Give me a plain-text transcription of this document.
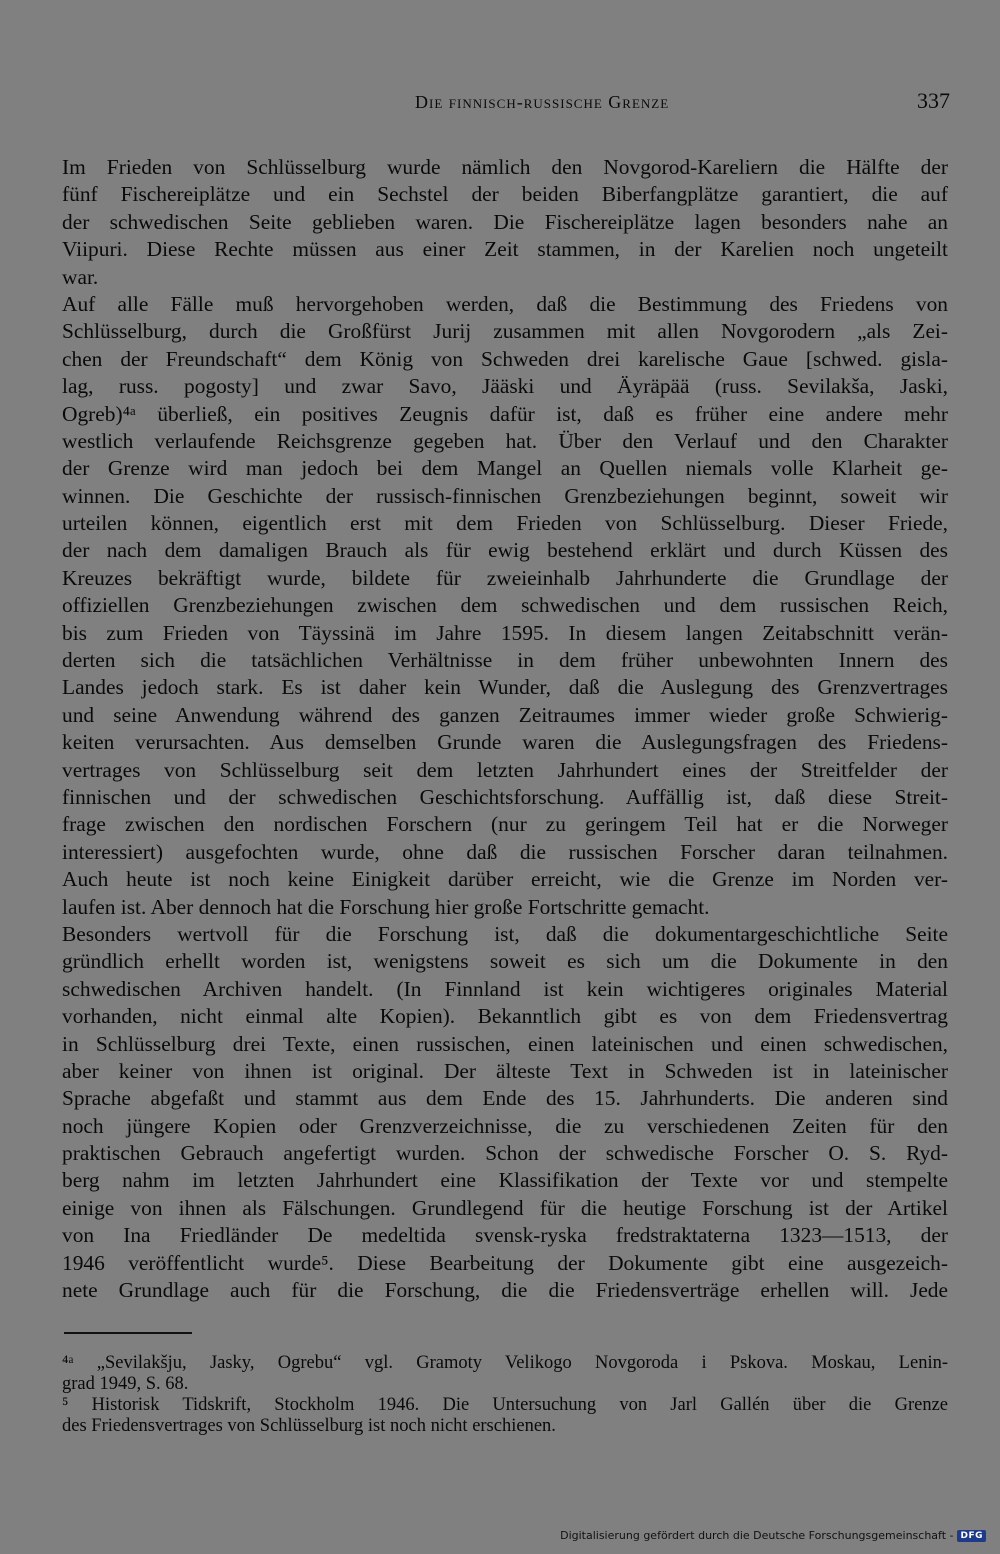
Die finnisch-russische Grenze	337
Im Frieden von Schlüsselburg wurde nämlich den Novgorod-Kareliern die Hälfte der
fünf Fischereiplätze und ein Sechstel der beiden Biberfangplätze garantiert, die auf
der schwedischen Seite geblieben waren. Die Fischereiplätze lagen besonders nahe an
Viipuri. Diese Rechte müssen aus einer Zeit stammen, in der Karelien noch ungeteilt
war.
Auf alle Fälle muß hervorgehoben werden, daß die Bestimmung des Friedens von
Schlüsselburg, durch die Großfürst Jurij zusammen mit allen Novgorodern „als Zei-
chen der Freundschaft“ dem König von Schweden drei karelische Gaue [schwed. gisla-
lag, russ. pogosty] und zwar Savo, Jääski und Äyräpää (russ. Sevilakša, Jaski,
Ogreb)⁴ᵃ überließ, ein positives Zeugnis dafür ist, daß es früher eine andere mehr
westlich verlaufende Reichsgrenze gegeben hat. Über den Verlauf und den Charakter
der Grenze wird man jedoch bei dem Mangel an Quellen niemals volle Klarheit ge-
winnen. Die Geschichte der russisch-finnischen Grenzbeziehungen beginnt, soweit wir
urteilen können, eigentlich erst mit dem Frieden von Schlüsselburg. Dieser Friede,
der nach dem damaligen Brauch als für ewig bestehend erklärt und durch Küssen des
Kreuzes bekräftigt wurde, bildete für zweieinhalb Jahrhunderte die Grundlage der
offiziellen Grenzbeziehungen zwischen dem schwedischen und dem russischen Reich,
bis zum Frieden von Täyssinä im Jahre 1595. In diesem langen Zeitabschnitt verän-
derten sich die tatsächlichen Verhältnisse in dem früher unbewohnten Innern des
Landes jedoch stark. Es ist daher kein Wunder, daß die Auslegung des Grenzvertrages
und seine Anwendung während des ganzen Zeitraumes immer wieder große Schwierig-
keiten verursachten. Aus demselben Grunde waren die Auslegungsfragen des Friedens-
vertrages von Schlüsselburg seit dem letzten Jahrhundert eines der Streitfelder der
finnischen und der schwedischen Geschichtsforschung. Auffällig ist, daß diese Streit-
frage zwischen den nordischen Forschern (nur zu geringem Teil hat er die Norweger
interessiert) ausgefochten wurde, ohne daß die russischen Forscher daran teilnahmen.
Auch heute ist noch keine Einigkeit darüber erreicht, wie die Grenze im Norden ver-
laufen ist. Aber dennoch hat die Forschung hier große Fortschritte gemacht.
Besonders wertvoll für die Forschung ist, daß die dokumentargeschichtliche Seite
gründlich erhellt worden ist, wenigstens soweit es sich um die Dokumente in den
schwedischen Archiven handelt. (In Finnland ist kein wichtigeres originales Material
vorhanden, nicht einmal alte Kopien). Bekanntlich gibt es von dem Friedensvertrag
in Schlüsselburg drei Texte, einen russischen, einen lateinischen und einen schwedischen,
aber keiner von ihnen ist original. Der älteste Text in Schweden ist in lateinischer
Sprache abgefaßt und stammt aus dem Ende des 15. Jahrhunderts. Die anderen sind
noch jüngere Kopien oder Grenzverzeichnisse, die zu verschiedenen Zeiten für den
praktischen Gebrauch angefertigt wurden. Schon der schwedische Forscher O. S. Ryd-
berg nahm im letzten Jahrhundert eine Klassifikation der Texte vor und stempelte
einige von ihnen als Fälschungen. Grundlegend für die heutige Forschung ist der Artikel
von Ina Friedländer De medeltida svensk-ryska fredstraktaterna 1323—1513, der
1946 veröffentlicht wurde⁵. Diese Bearbeitung der Dokumente gibt eine ausgezeich-
nete Grundlage auch für die Forschung, die die Friedensverträge erhellen will. Jede
⁴ᵃ „Sevilakšju, Jasky, Ogrebu“ vgl. Gramoty Velikogo Novgoroda i Pskova. Moskau, Lenin-
grad 1949, S. 68.
⁵ Historisk Tidskrift, Stockholm 1946. Die Untersuchung von Jarl Gallén über die Grenze
des Friedensvertrages von Schlüsselburg ist noch nicht erschienen.
Digitalisierung gefördert durch die Deutsche Forschungsgemeinschaft - DFG
